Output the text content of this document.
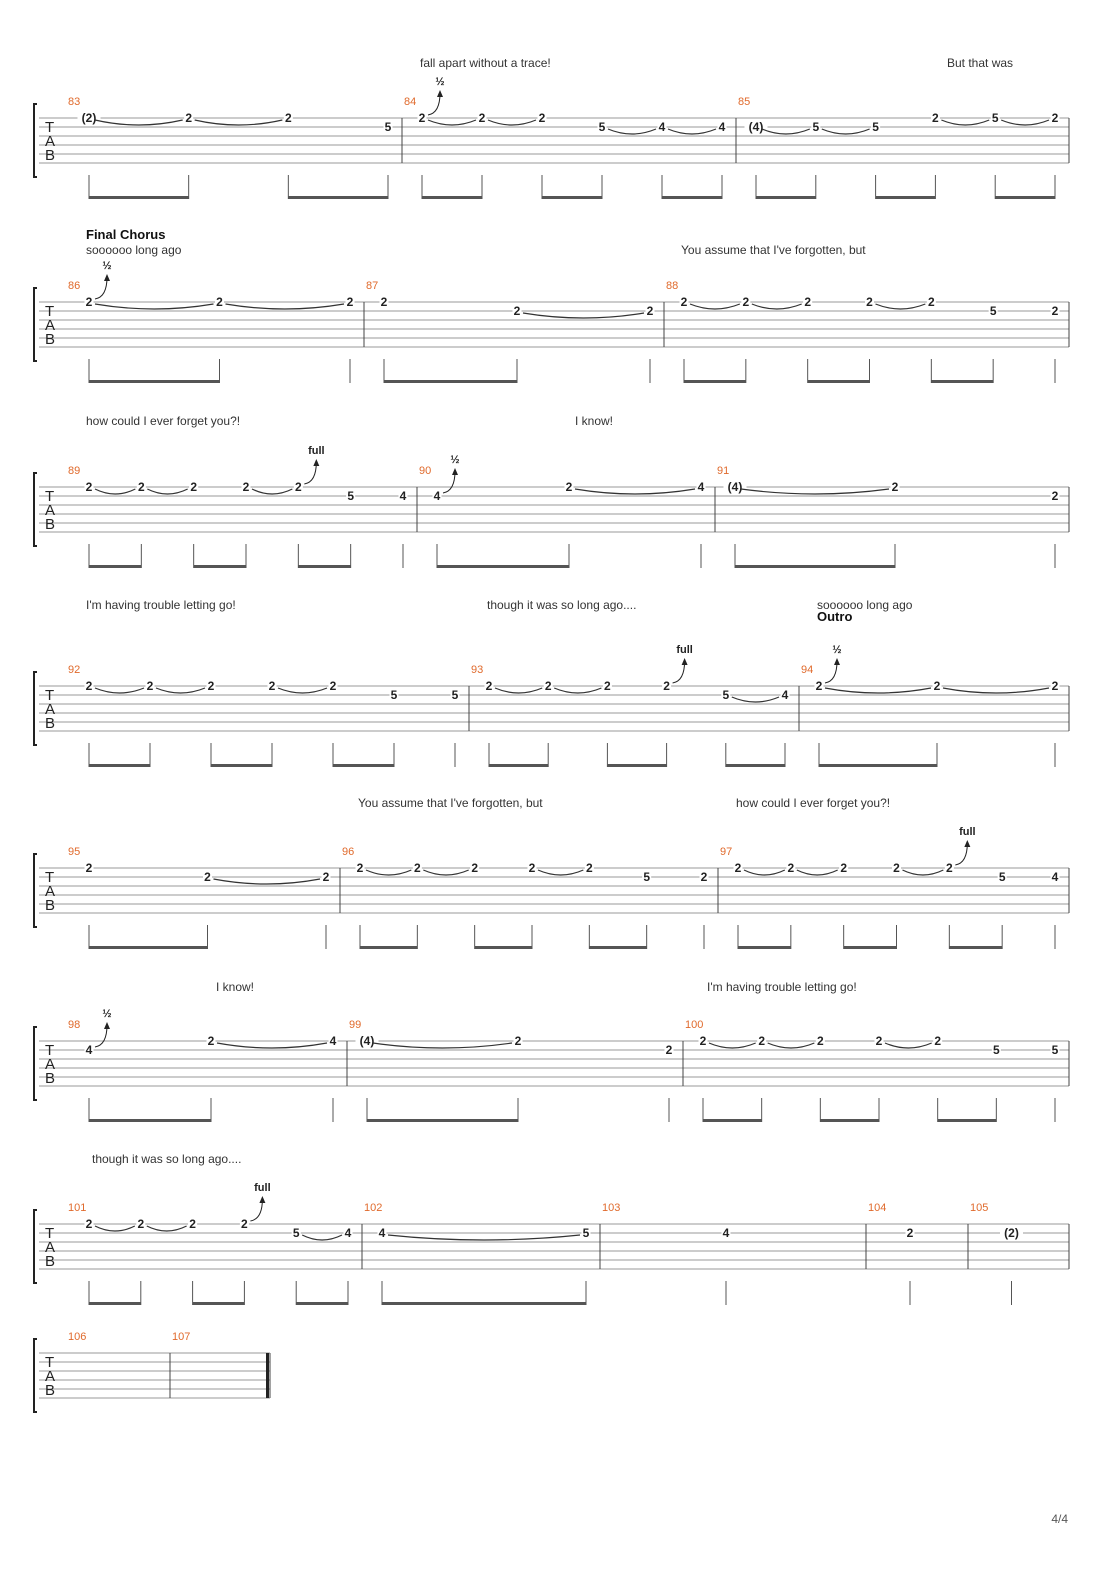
fall apart without a trace!	But that was
Final Chorus
soooooo long ago	You assume that I've forgotten, but
how could I ever forget you?!	I know!
I'm having trouble letting go!	though it was so long ago....	soooooo long ago
Outro
You assume that I've forgotten, but	how could I ever forget you?!
I know!	I'm having trouble letting go!
though it was so long ago....
4/4
T
A
B
83
(2)	2	2
5
84
2
½
2	2
5	4	4
85
(4)	5	5
2	5	2
T
A
B
86
2
½
2	2
87
2
2	2
88
2	2	2	2	2
5	2
T
A
B
89
2	2	2	2	2
full
5	4
90
4
½
2	4
91
(4)	2
2
T
A
B
92
2	2	2	2	2
5	5
93
2	2	2	2
full
5	4
94
2
½
2	2
T
A
B
95
2
2	2
96
2	2	2	2	2
5	2
97
2	2	2	2	2
full
5	4
T
A
B
98
4
½
2	4
99
(4)	2
2
100
2	2	2	2	2
5	5
T
A
B
101
2	2	2	2
full
5	4
102
4	5
103
4
104
2
105
(2)
T
A
B
106	107
